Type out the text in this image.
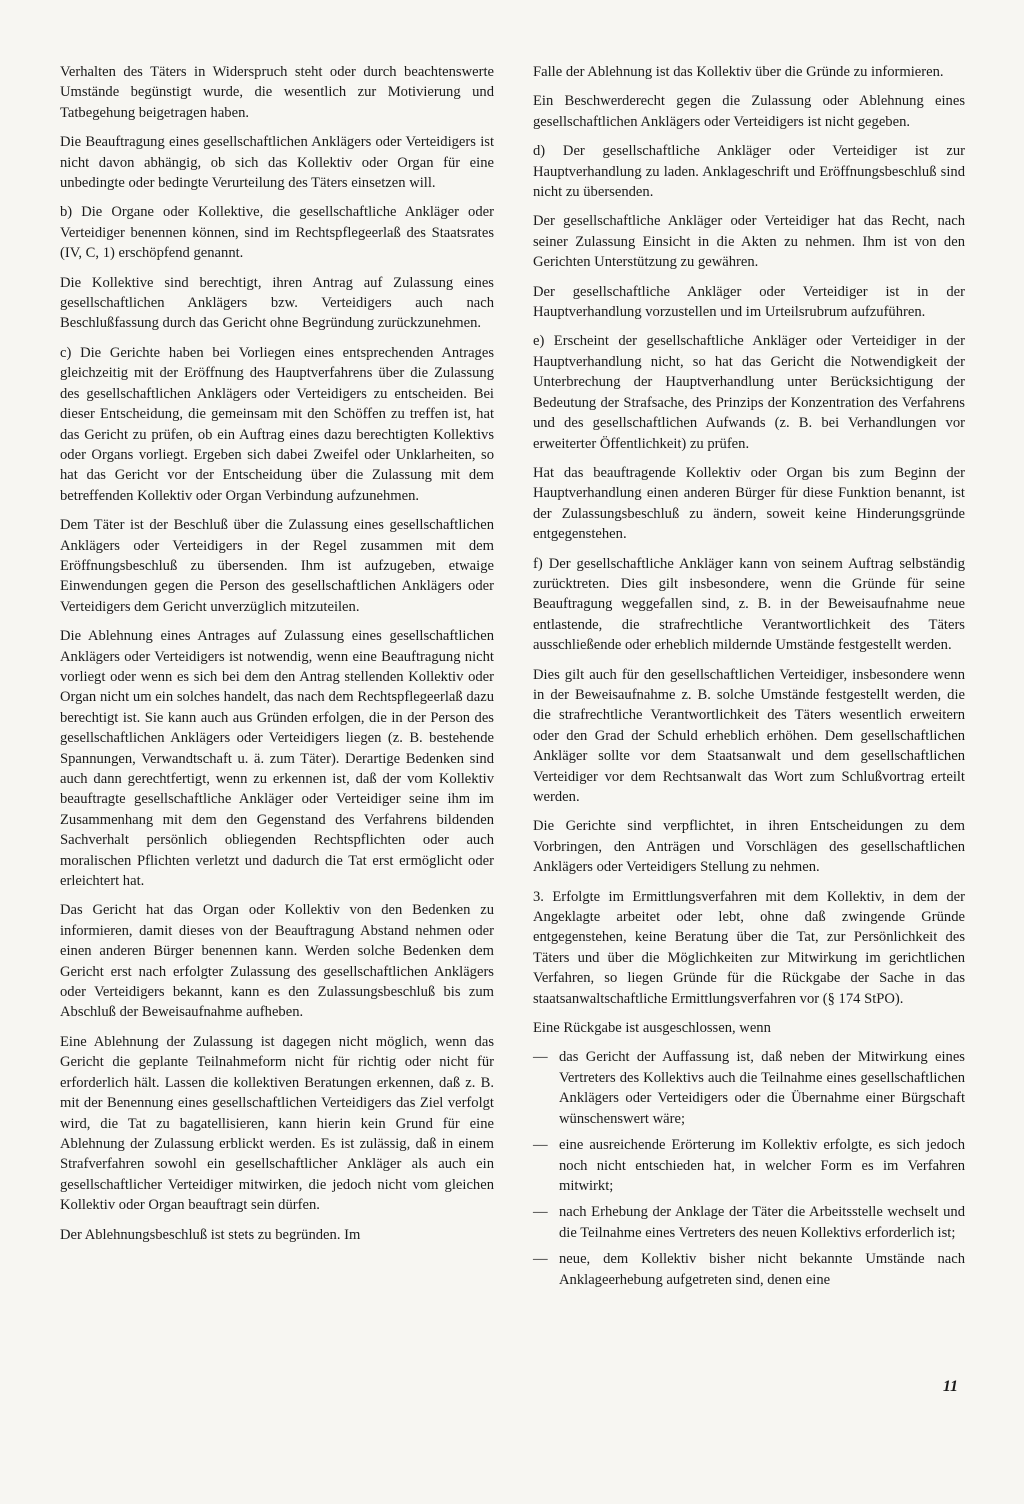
Verhalten des Täters in Widerspruch steht oder durch beachtenswerte Umstände begünstigt wurde, die wesentlich zur Motivierung und Tatbegehung beigetragen haben.

Die Beauftragung eines gesellschaftlichen Anklägers oder Verteidigers ist nicht davon abhängig, ob sich das Kollektiv oder Organ für eine unbedingte oder bedingte Verurteilung des Täters einsetzen will.

b) Die Organe oder Kollektive, die gesellschaftliche Ankläger oder Verteidiger benennen können, sind im Rechtspflegeerlaß des Staatsrates (IV, C, 1) erschöpfend genannt.

Die Kollektive sind berechtigt, ihren Antrag auf Zulassung eines gesellschaftlichen Anklägers bzw. Verteidigers auch nach Beschlußfassung durch das Gericht ohne Begründung zurückzunehmen.

c) Die Gerichte haben bei Vorliegen eines entsprechenden Antrages gleichzeitig mit der Eröffnung des Hauptverfahrens über die Zulassung des gesellschaftlichen Anklägers oder Verteidigers zu entscheiden. Bei dieser Entscheidung, die gemeinsam mit den Schöffen zu treffen ist, hat das Gericht zu prüfen, ob ein Auftrag eines dazu berechtigten Kollektivs oder Organs vorliegt. Ergeben sich dabei Zweifel oder Unklarheiten, so hat das Gericht vor der Entscheidung über die Zulassung mit dem betreffenden Kollektiv oder Organ Verbindung aufzunehmen.

Dem Täter ist der Beschluß über die Zulassung eines gesellschaftlichen Anklägers oder Verteidigers in der Regel zusammen mit dem Eröffnungsbeschluß zu übersenden. Ihm ist aufzugeben, etwaige Einwendungen gegen die Person des gesellschaftlichen Anklägers oder Verteidigers dem Gericht unverzüglich mitzuteilen.

Die Ablehnung eines Antrages auf Zulassung eines gesellschaftlichen Anklägers oder Verteidigers ist notwendig, wenn eine Beauftragung nicht vorliegt oder wenn es sich bei dem den Antrag stellenden Kollektiv oder Organ nicht um ein solches handelt, das nach dem Rechtspflegeerlaß dazu berechtigt ist. Sie kann auch aus Gründen erfolgen, die in der Person des gesellschaftlichen Anklägers oder Verteidigers liegen (z. B. bestehende Spannungen, Verwandtschaft u. ä. zum Täter). Derartige Bedenken sind auch dann gerechtfertigt, wenn zu erkennen ist, daß der vom Kollektiv beauftragte gesellschaftliche Ankläger oder Verteidiger seine ihm im Zusammenhang mit dem den Gegenstand des Verfahrens bildenden Sachverhalt persönlich obliegenden Rechtspflichten oder auch moralischen Pflichten verletzt und dadurch die Tat erst ermöglicht oder erleichtert hat.

Das Gericht hat das Organ oder Kollektiv von den Bedenken zu informieren, damit dieses von der Beauftragung Abstand nehmen oder einen anderen Bürger benennen kann. Werden solche Bedenken dem Gericht erst nach erfolgter Zulassung des gesellschaftlichen Anklägers oder Verteidigers bekannt, kann es den Zulassungsbeschluß bis zum Abschluß der Beweisaufnahme aufheben.

Eine Ablehnung der Zulassung ist dagegen nicht möglich, wenn das Gericht die geplante Teilnahmeform nicht für richtig oder nicht für erforderlich hält. Lassen die kollektiven Beratungen erkennen, daß z. B. mit der Benennung eines gesellschaftlichen Verteidigers das Ziel verfolgt wird, die Tat zu bagatellisieren, kann hierin kein Grund für eine Ablehnung der Zulassung erblickt werden. Es ist zulässig, daß in einem Strafverfahren sowohl ein gesellschaftlicher Ankläger als auch ein gesellschaftlicher Verteidiger mitwirken, die jedoch nicht vom gleichen Kollektiv oder Organ beauftragt sein dürfen.

Der Ablehnungsbeschluß ist stets zu begründen. Im

Falle der Ablehnung ist das Kollektiv über die Gründe zu informieren.

Ein Beschwerderecht gegen die Zulassung oder Ablehnung eines gesellschaftlichen Anklägers oder Verteidigers ist nicht gegeben.

d) Der gesellschaftliche Ankläger oder Verteidiger ist zur Hauptverhandlung zu laden. Anklageschrift und Eröffnungsbeschluß sind nicht zu übersenden.

Der gesellschaftliche Ankläger oder Verteidiger hat das Recht, nach seiner Zulassung Einsicht in die Akten zu nehmen. Ihm ist von den Gerichten Unterstützung zu gewähren.

Der gesellschaftliche Ankläger oder Verteidiger ist in der Hauptverhandlung vorzustellen und im Urteilsrubrum aufzuführen.

e) Erscheint der gesellschaftliche Ankläger oder Verteidiger in der Hauptverhandlung nicht, so hat das Gericht die Notwendigkeit der Unterbrechung der Hauptverhandlung unter Berücksichtigung der Bedeutung der Strafsache, des Prinzips der Konzentration des Verfahrens und des gesellschaftlichen Aufwands (z. B. bei Verhandlungen vor erweiterter Öffentlichkeit) zu prüfen.

Hat das beauftragende Kollektiv oder Organ bis zum Beginn der Hauptverhandlung einen anderen Bürger für diese Funktion benannt, ist der Zulassungsbeschluß zu ändern, soweit keine Hinderungsgründe entgegenstehen.

f) Der gesellschaftliche Ankläger kann von seinem Auftrag selbständig zurücktreten. Dies gilt insbesondere, wenn die Gründe für seine Beauftragung weggefallen sind, z. B. in der Beweisaufnahme neue entlastende, die strafrechtliche Verantwortlichkeit des Täters ausschließende oder erheblich mildernde Umstände festgestellt werden.

Dies gilt auch für den gesellschaftlichen Verteidiger, insbesondere wenn in der Beweisaufnahme z. B. solche Umstände festgestellt werden, die die strafrechtliche Verantwortlichkeit des Täters wesentlich erweitern oder den Grad der Schuld erheblich erhöhen. Dem gesellschaftlichen Ankläger sollte vor dem Staatsanwalt und dem gesellschaftlichen Verteidiger vor dem Rechtsanwalt das Wort zum Schlußvortrag erteilt werden.

Die Gerichte sind verpflichtet, in ihren Entscheidungen zu dem Vorbringen, den Anträgen und Vorschlägen des gesellschaftlichen Anklägers oder Verteidigers Stellung zu nehmen.

3. Erfolgte im Ermittlungsverfahren mit dem Kollektiv, in dem der Angeklagte arbeitet oder lebt, ohne daß zwingende Gründe entgegenstehen, keine Beratung über die Tat, zur Persönlichkeit des Täters und über die Möglichkeiten zur Mitwirkung im gerichtlichen Verfahren, so liegen Gründe für die Rückgabe der Sache in das staatsanwaltschaftliche Ermittlungsverfahren vor (§ 174 StPO).

Eine Rückgabe ist ausgeschlossen, wenn

— das Gericht der Auffassung ist, daß neben der Mitwirkung eines Vertreters des Kollektivs auch die Teilnahme eines gesellschaftlichen Anklägers oder Verteidigers oder die Übernahme einer Bürgschaft wünschenswert wäre;
— eine ausreichende Erörterung im Kollektiv erfolgte, es sich jedoch noch nicht entschieden hat, in welcher Form es im Verfahren mitwirkt;
— nach Erhebung der Anklage der Täter die Arbeitsstelle wechselt und die Teilnahme eines Vertreters des neuen Kollektivs erforderlich ist;
— neue, dem Kollektiv bisher nicht bekannte Umstände nach Anklageerhebung aufgetreten sind, denen eine
11
